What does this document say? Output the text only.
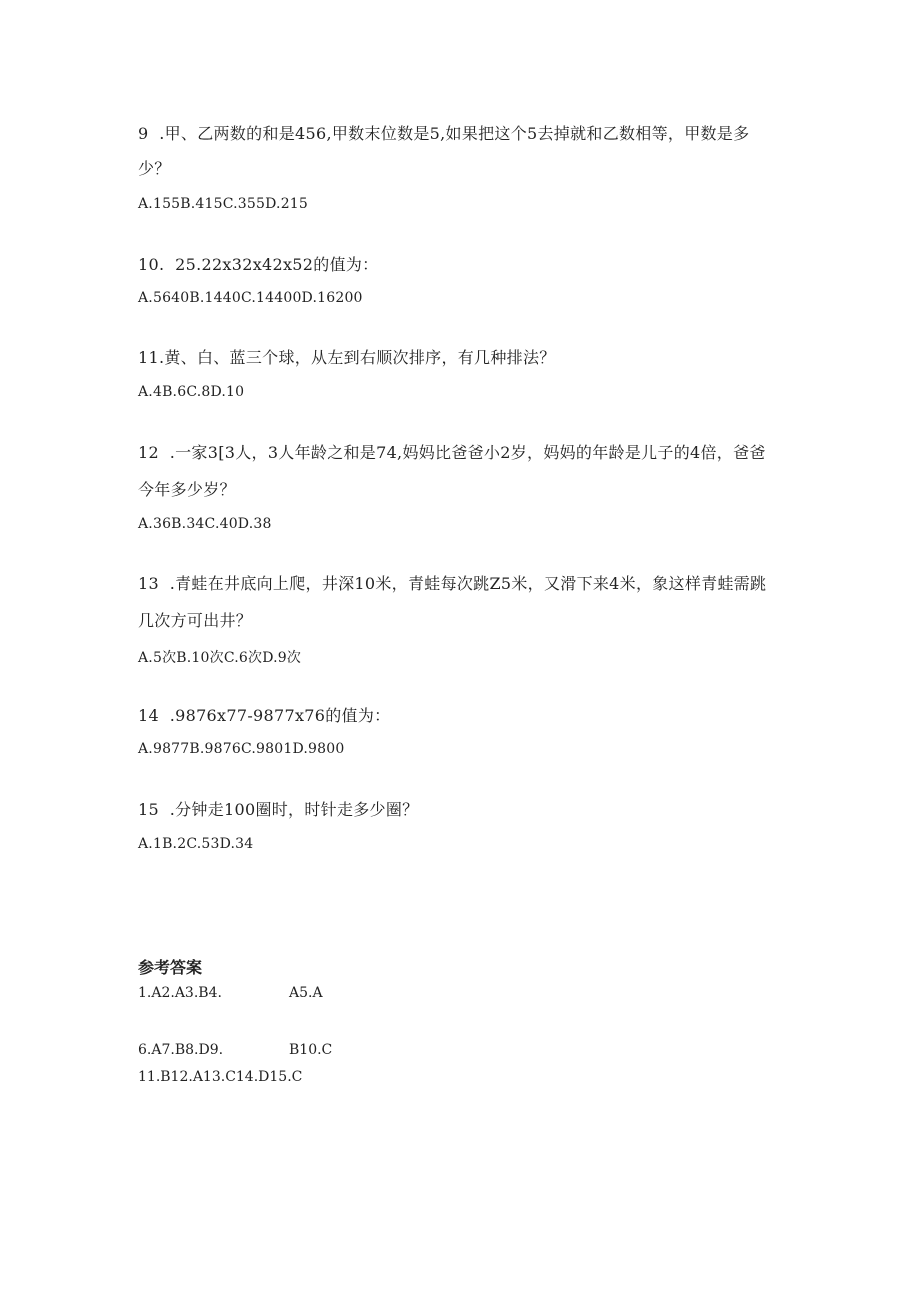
9  .甲、乙两数的和是456,甲数末位数是5,如果把这个5去掉就和乙数相等，甲数是多
少？
A.155B.415C.355D.215
10.  25.22x32x42x52的值为：
A.5640B.1440C.14400D.16200
11.黄、白、蓝三个球，从左到右顺次排序，有几种排法？
A.4B.6C.8D.10
12  .一家3[3人，3人年龄之和是74,妈妈比爸爸小2岁，妈妈的年龄是儿子的4倍，爸爸
今年多少岁？
A.36B.34C.40D.38
13  .青蛙在井底向上爬，井深10米，青蛙每次跳Z5米，又滑下来4米，象这样青蛙需跳
几次方可出井？
A.5次B.10次C.6次D.9次
14  .9876x77-9877x76的值为：
A.9877B.9876C.9801D.9800
15  .分钟走100圈时，时针走多少圈？
A.1B.2C.53D.34
参考答案
1.A2.A3.B4.	A5.A
6.A7.B8.D9.	B10.C
11.B12.A13.C14.D15.C
